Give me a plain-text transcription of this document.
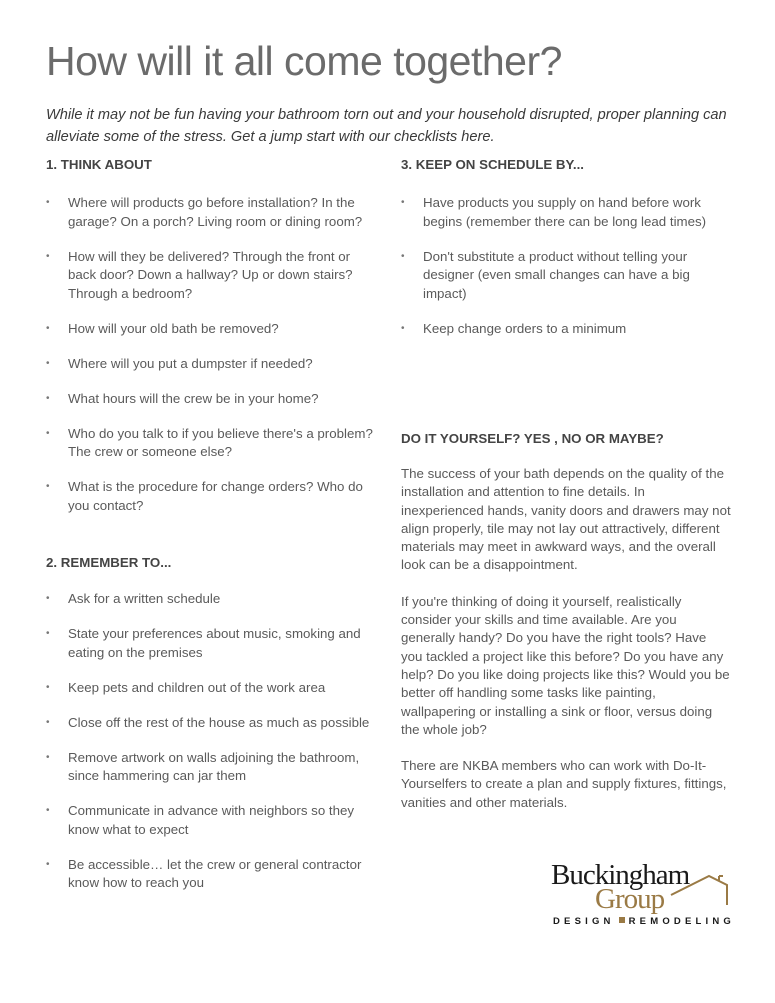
How will it all come together?

While it may not be fun having your bathroom torn out and your household disrupted, proper planning can alleviate some of the stress. Get a jump start with our checklists here.

1. THINK ABOUT
• Where will products go before installation? In the garage? On a porch? Living room or dining room?
• How will they be delivered? Through the front or back door? Down a hallway? Up or down stairs? Through a bedroom?
• How will your old bath be removed?
• Where will you put a dumpster if needed?
• What hours will the crew be in your home?
• Who do you talk to if you believe there's a problem? The crew or someone else?
• What is the procedure for change orders? Who do you contact?
2. REMEMBER TO...
• Ask for a written schedule
• State your preferences about music, smoking and eating on the premises
• Keep pets and children out of the work area
• Close off the rest of the house as much as possible
• Remove artwork on walls adjoining the bathroom, since hammering can jar them
• Communicate in advance with neighbors so they know what to expect
• Be accessible… let the crew or general contractor know how to reach you
3. KEEP ON SCHEDULE BY...
• Have products you supply on hand before work begins (remember there can be long lead times)
• Don't substitute a product without telling your designer (even small changes can have a big impact)
• Keep change orders to a minimum
DO IT YOURSELF? YES , NO OR MAYBE?

The success of your bath depends on the quality of the installation and attention to fine details. In inexperienced hands, vanity doors and drawers may not align properly, tile may not lay out attractively, different materials may meet in awkward ways, and the overall look can be a disappointment.

If you're thinking of doing it yourself, realistically consider your skills and time available. Are you generally handy? Do you have the right tools? Have you tackled a project like this before? Do you have any help? Do you like doing projects like this? Would you be better off handling some tasks like painting, wallpapering or installing a sink or floor, versus doing the whole job?

There are NKBA members who can work with Do-It-Yourselfers to create a plan and supply fixtures, fittings, vanities and other materials.

Buckingham
Group
DESIGN REMODELING
